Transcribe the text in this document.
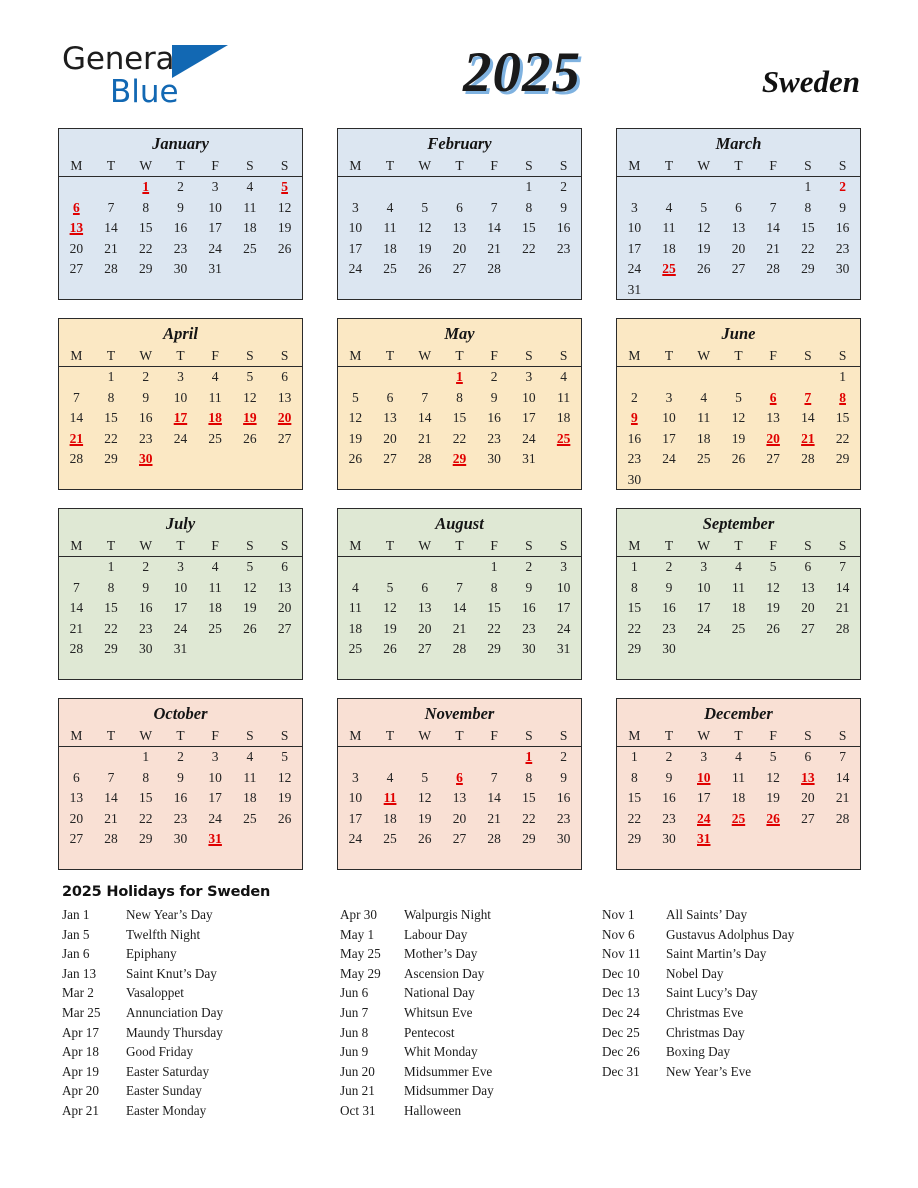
General
Blue	2025	Sweden
January
M	T	W	T	F	S	S
		1	2	3	4	5
6	7	8	9	10	11	12
13	14	15	16	17	18	19
20	21	22	23	24	25	26
27	28	29	30	31		

February
M	T	W	T	F	S	S
					1	2
3	4	5	6	7	8	9
10	11	12	13	14	15	16
17	18	19	20	21	22	23
24	25	26	27	28		

March
M	T	W	T	F	S	S
					1	2
3	4	5	6	7	8	9
10	11	12	13	14	15	16
17	18	19	20	21	22	23
24	25	26	27	28	29	30
31						
April
M	T	W	T	F	S	S
	1	2	3	4	5	6
7	8	9	10	11	12	13
14	15	16	17	18	19	20
21	22	23	24	25	26	27
28	29	30				

May
M	T	W	T	F	S	S
			1	2	3	4
5	6	7	8	9	10	11
12	13	14	15	16	17	18
19	20	21	22	23	24	25
26	27	28	29	30	31	

June
M	T	W	T	F	S	S
						1
2	3	4	5	6	7	8
9	10	11	12	13	14	15
16	17	18	19	20	21	22
23	24	25	26	27	28	29
30						
July
M	T	W	T	F	S	S
	1	2	3	4	5	6
7	8	9	10	11	12	13
14	15	16	17	18	19	20
21	22	23	24	25	26	27
28	29	30	31			

August
M	T	W	T	F	S	S
				1	2	3
4	5	6	7	8	9	10
11	12	13	14	15	16	17
18	19	20	21	22	23	24
25	26	27	28	29	30	31

September
M	T	W	T	F	S	S
1	2	3	4	5	6	7
8	9	10	11	12	13	14
15	16	17	18	19	20	21
22	23	24	25	26	27	28
29	30					

October
M	T	W	T	F	S	S
		1	2	3	4	5
6	7	8	9	10	11	12
13	14	15	16	17	18	19
20	21	22	23	24	25	26
27	28	29	30	31		

November
M	T	W	T	F	S	S
					1	2
3	4	5	6	7	8	9
10	11	12	13	14	15	16
17	18	19	20	21	22	23
24	25	26	27	28	29	30

December
M	T	W	T	F	S	S
1	2	3	4	5	6	7
8	9	10	11	12	13	14
15	16	17	18	19	20	21
22	23	24	25	26	27	28
29	30	31				

2025 Holidays for Sweden
Jan 1	New Year’s Day
Jan 5	Twelfth Night
Jan 6	Epiphany
Jan 13	Saint Knut’s Day
Mar 2	Vasaloppet
Mar 25	Annunciation Day
Apr 17	Maundy Thursday
Apr 18	Good Friday
Apr 19	Easter Saturday
Apr 20	Easter Sunday
Apr 21	Easter Monday
Apr 30	Walpurgis Night
May 1	Labour Day
May 25	Mother’s Day
May 29	Ascension Day
Jun 6	National Day
Jun 7	Whitsun Eve
Jun 8	Pentecost
Jun 9	Whit Monday
Jun 20	Midsummer Eve
Jun 21	Midsummer Day
Oct 31	Halloween
Nov 1	All Saints’ Day
Nov 6	Gustavus Adolphus Day
Nov 11	Saint Martin’s Day
Dec 10	Nobel Day
Dec 13	Saint Lucy’s Day
Dec 24	Christmas Eve
Dec 25	Christmas Day
Dec 26	Boxing Day
Dec 31	New Year’s Eve
